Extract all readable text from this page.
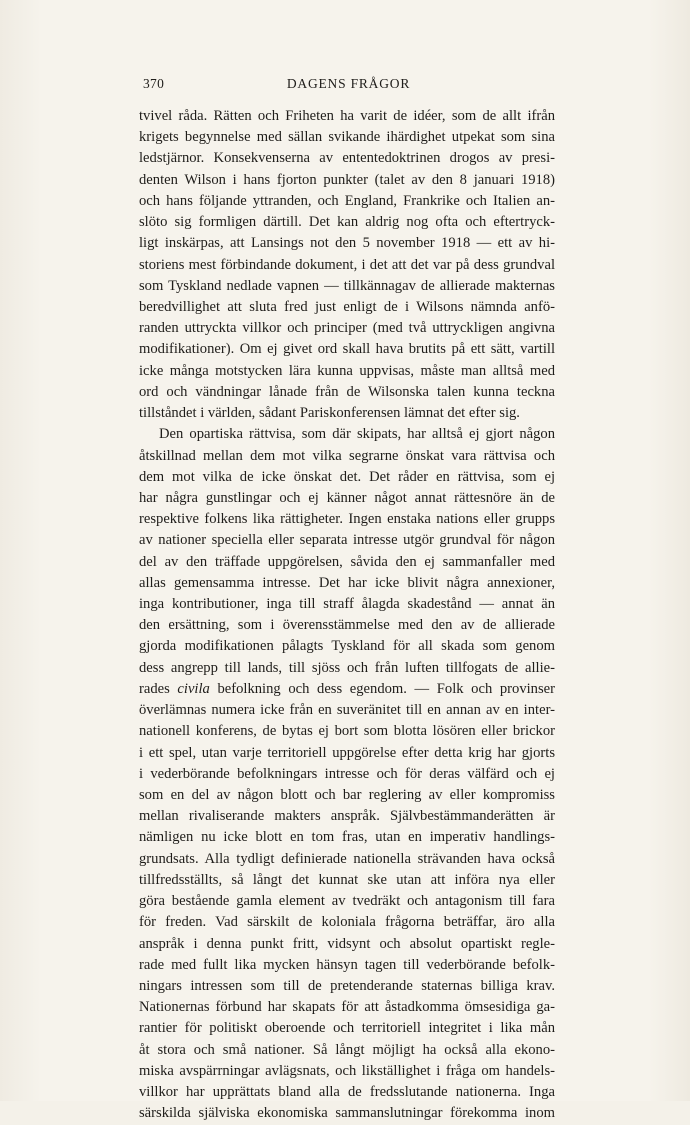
370	DAGENS FRÅGOR
tvivel råda. Rätten och Friheten ha varit de idéer, som de allt ifrån
krigets begynnelse med sällan svikande ihärdighet utpekat som sina
ledstjärnor. Konsekvenserna av ententedoktrinen drogos av presi-
denten Wilson i hans fjorton punkter (talet av den 8 januari 1918)
och hans följande yttranden, och England, Frankrike och Italien an-
slöto sig formligen därtill. Det kan aldrig nog ofta och eftertryck-
ligt inskärpas, att Lansings not den 5 november 1918 — ett av hi-
storiens mest förbindande dokument, i det att det var på dess grundval
som Tyskland nedlade vapnen — tillkännagav de allierade makternas
beredvillighet att sluta fred just enligt de i Wilsons nämnda anfö-
randen uttryckta villkor och principer (med två uttryckligen angivna
modifikationer). Om ej givet ord skall hava brutits på ett sätt, vartill
icke många motstycken lära kunna uppvisas, måste man alltså med
ord och vändningar lånade från de Wilsonska talen kunna teckna
tillståndet i världen, sådant Pariskonferensen lämnat det efter sig.
Den opartiska rättvisa, som där skipats, har alltså ej gjort någon
åtskillnad mellan dem mot vilka segrarne önskat vara rättvisa och
dem mot vilka de icke önskat det. Det råder en rättvisa, som ej
har några gunstlingar och ej känner något annat rättesnöre än de
respektive folkens lika rättigheter. Ingen enstaka nations eller grupps
av nationer speciella eller separata intresse utgör grundval för någon
del av den träffade uppgörelsen, såvida den ej sammanfaller med
allas gemensamma intresse. Det har icke blivit några annexioner,
inga kontributioner, inga till straff ålagda skadestånd — annat än
den ersättning, som i överensstämmelse med den av de allierade
gjorda modifikationen pålagts Tyskland för all skada som genom
dess angrepp till lands, till sjöss och från luften tillfogats de allie-
rades civila befolkning och dess egendom. — Folk och provinser
överlämnas numera icke från en suveränitet till en annan av en inter-
nationell konferens, de bytas ej bort som blotta lösören eller brickor
i ett spel, utan varje territoriell uppgörelse efter detta krig har gjorts
i vederbörande befolkningars intresse och för deras välfärd och ej
som en del av någon blott och bar reglering av eller kompromiss
mellan rivaliserande makters anspråk. Självbestämmanderätten är
nämligen nu icke blott en tom fras, utan en imperativ handlings-
grundsats. Alla tydligt definierade nationella strävanden hava också
tillfredsställts, så långt det kunnat ske utan att införa nya eller
göra bestående gamla element av tvedräkt och antagonism till fara
för freden. Vad särskilt de koloniala frågorna beträffar, äro alla
anspråk i denna punkt fritt, vidsynt och absolut opartiskt regle-
rade med fullt lika mycken hänsyn tagen till vederbörande befolk-
ningars intressen som till de pretenderande staternas billiga krav.
Nationernas förbund har skapats för att åstadkomma ömsesidiga ga-
rantier för politiskt oberoende och territoriell integritet i lika mån
åt stora och små nationer. Så långt möjligt ha också alla ekono-
miska avspärrningar avlägsnats, och likställighet i fråga om handels-
villkor har upprättats bland alla de fredsslutande nationerna. Inga
särskilda själviska ekonomiska sammanslutningar förekomma inom
